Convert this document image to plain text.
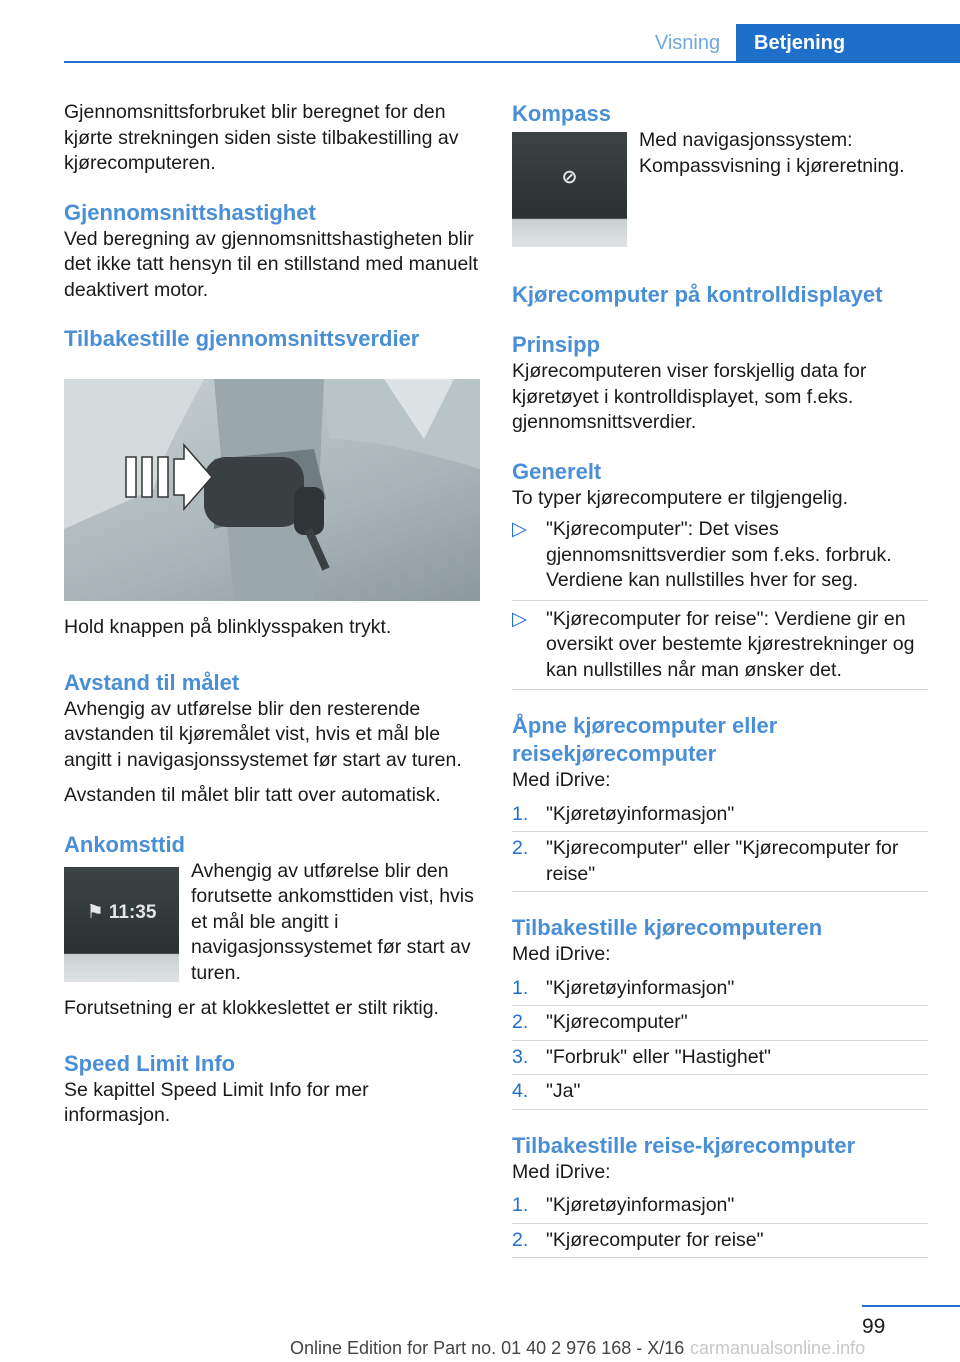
Visning	Betjening

Gjennomsnittsforbruket blir beregnet for den kjørte strekningen siden siste tilbakestilling av kjørecomputeren.

Gjennomsnittshastighet

Ved beregning av gjennomsnittshastigheten blir det ikke tatt hensyn til en stillstand med manuelt deaktivert motor.

Tilbakestille gjennomsnittsverdier

Hold knappen på blinklysspaken trykt.

Avstand til målet

Avhengig av utførelse blir den resterende avstanden til kjøremålet vist, hvis et mål ble angitt i navigasjonssystemet før start av turen.

Avstanden til målet blir tatt over automatisk.

Ankomsttid
⚑ 11:35

Avhengig av utførelse blir den forutsette ankomsttiden vist, hvis et mål ble angitt i navigasjonssystemet før start av turen.

Forutsetning er at klokkeslettet er stilt riktig.

Speed Limit Info

Se kapittel Speed Limit Info for mer informasjon.

Kompass
⊘

Med navigasjonssystem: Kompassvisning i kjøreretning.

Kjørecomputer på kontrolldisplayet
Prinsipp

Kjørecomputeren viser forskjellig data for kjøretøyet i kontrolldisplayet, som f.eks. gjennomsnittsverdier.

Generelt

To typer kjørecomputere er tilgjengelig.

▷ "Kjørecomputer": Det vises gjennomsnittsverdier som f.eks. forbruk. Verdiene kan nullstilles hver for seg.
▷ "Kjørecomputer for reise": Verdiene gir en oversikt over bestemte kjørestrekninger og kan nullstilles når man ønsker det.
Åpne kjørecomputer eller reisekjørecomputer

Med iDrive:

1. "Kjøretøyinformasjon"
2. "Kjørecomputer" eller "Kjørecomputer for reise"
Tilbakestille kjørecomputeren

Med iDrive:

1. "Kjøretøyinformasjon"
2. "Kjørecomputer"
3. "Forbruk" eller "Hastighet"
4. "Ja"
Tilbakestille reise-kjørecomputer

Med iDrive:

1. "Kjøretøyinformasjon"
2. "Kjørecomputer for reise"
99
Online Edition for Part no. 01 40 2 976 168 - X/16 carmanualsonline.info
